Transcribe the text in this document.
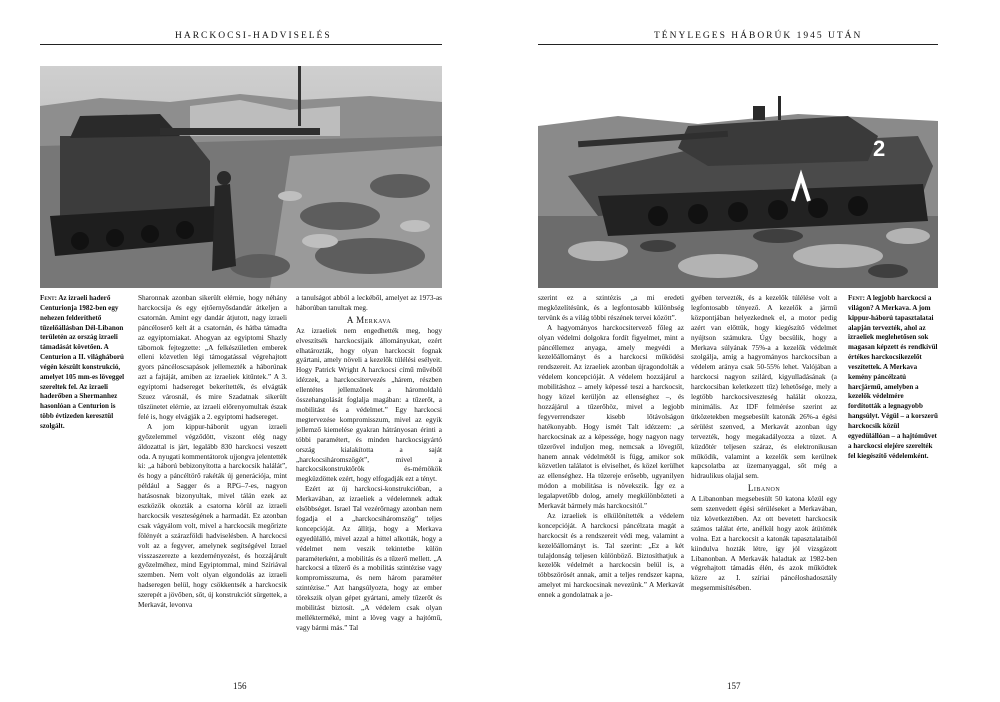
HARCKOCSI-HADVISELÉS
Fent: Az izraeli haderő Centurionja 1982-ben egy nehezen felderíthető tűzelőállásban Dél-Libanon területén az ország izraeli támadását követően. A Centurion a II. világháború végén készült konstrukció, amelyet 105 mm-es löveggel szereltek fel. Az izraeli haderőben a Shermanhez hasonlóan a Centurion is több évtizeden keresztül szolgált.

Sharonnak azonban sikerült elérnie, hogy néhány harckocsija és egy ejtőernyősdandár átkeljen a csatornán. Amint egy dandár átjutott, nagy izraeli páncéloserő kelt át a csatornán, és hátba támadta az egyiptomiakat. Ahogyan az egyiptomi Shazly tábornok fejtegzette: „A felkészületlen emberek elleni közvetlen légi támogatással végrehajtott gyors páncéloscsapások jellemezték a háborúnak azt a fajtáját, amiben az izraeliek kitűntek.” A 3. egyiptomi hadsereget bekerítették, és elvágták Szuez városnál, és mire Szadatnak sikerült tűszünetet elérnie, az izraeli előrenyomultak észak felé is, hogy elvágják a 2. egyiptomi hadsereget.

A jom kippur-háborút ugyan izraeli győzelemmel végződött, viszont elég nagy áldozattal is járt, legalább 830 harckocsi veszett oda. A nyugati kommentátorok ujjongva jelentették ki: „a háború bebizonyította a harckocsik halálát”, és hogy a páncéltörő rakéták új generációja, mint például a Sagger és a RPG–7-es, nagyon hatásosnak bizonyultak, mivel tálán ezek az eszközök okozták a csatorna körül az izraeli harckocsik veszteségének a harmadát. Ez azonban csak vágyálom volt, mivel a harckocsik megőrizte fölényét a szárazföldi hadviselésben. A harckocsi volt az a fegyver, amelynek segítségével Izrael visszaszerezte a kezdeményezést, és hozzájárult győzelméhez, mind Egyiptommal, mind Szíriával szemben. Nem volt olyan elgondolás az izraeli hadseregen belül, hogy csökkentsék a harckocsik szerepét a jövőben, sőt, új konstrukciót sürgettek, a Merkavát, levonva

a tanulságot abból a leckéből, amelyet az 1973-as háborúban tanultak meg.

A Merkava

Az izraeliek nem engedhették meg, hogy elveszítsék harckocsijaik állományukat, ezért elhatározták, hogy olyan harckocsit fognak gyártani, amely növeli a kezelők túlélési esélyeit. Hogy Patrick Wright A harckocsi című művéből idézzek, a harckocsitervezés „hárem, részben ellentétes jellemzőnek a háromoldalú összehangolását foglalja magában: a tűzerőt, a mobilitást és a védelmet.” Egy harckocsi megtervezése kompromisszum, mivel az egyik jellemző kiemelése gyakran hátrányosan érinti a többi paramétert, és minden harckocsigyártó ország kialakította a saját „harckocsiháromszögét”, mivel a harckocsikonstruktőrök és-mérnökök megküzdöttek ezért, hogy elfogadják ezt a tényt.

Ezért az új harckocsi-konstrukcióban, a Merkavában, az izraeliek a védelemnek adtak elsőbbséget. Israel Tal vezérőrnagy azonban nem fogadja el a „harckocsiháromszög” teljes koncepcióját. Az állítja, hogy a Merkava egyedülálló, mivel azzal a hittel alkották, hogy a védelmet nem veszik tekintetbe külön paraméterként, a mobilitás és a tűzerő mellett. „A harckocsi a tűzerő és a mobilitás szintézise vagy kompromisszuma, és nem három paraméter szintézise.” Azt hangsúlyozta, hogy az ember törekszik olyan gépet gyártani, amely tűzerőt és mobilitást biztosít. „A védelem csak olyan mellékterméké, mint a löveg vagy a hajtómű, vagy bármi más.” Tal

156
TÉNYLEGES HÁBORÚK 1945 UTÁN
2

szerint ez a szintézis „a mi eredeti megközelítésünk, és a legfontosabb különbség tervünk és a világ többi részének tervei között”.

A hagyományos harckocsitervező főleg az olyan védelmi dolgokra fordít figyelmet, mint a páncéllemez anyaga, amely megvédi a kezelőállományt és a harckocsi működési rendszereit. Az izraeliek azonban újragondolták a védelem koncepcióját. A védelem hozzájárul a mobilitáshoz – amely képessé teszi a harckocsit, hogy közel kerüljön az ellenséghez –, és hozzájárul a tűzerőhöz, mivel a legjobb fegyverrendszer kisebb lőtávolságon hatékonyabb. Hogy ismét Talt idézzem: „a harckocsinak az a képessége, hogy nagyon nagy tűzerővel induljon meg, nemcsak a lővegtől, hanem annak védelmétől is függ, amikor sok közvetlen találatot is elviselhet, és közel kerülhet az ellenséghez. Ha tűzereje erősebb, ugyanilyen módon a mobilitása is növekszik. Így ez a legalapvetőbb dolog, amely megkülönbözteti a Merkavát bármely más harckocsitól.”

Az izraeliek is elkülönítették a védelem koncepcióját. A harckocsi páncélzata magát a harckocsit és a rendszereit védi meg, valamint a kezelőállományt is. Tal szerint: „Ez a két tulajdonság teljesen különböző. Biztosíthatjuk a kezelők védelmét a harckocsin belül is, a többszörösét annak, amit a teljes rendszer kapna, amelyet mi harckocsinak nevezünk.” A Merkavát ennek a gondolatnak a je-

gyében tervezték, és a kezelők túlélése volt a legfontosabb tényező. A kezelők a jármű központjában helyezkednek el, a motor pedig azért van előttük, hogy kiegészítő védelmet nyújtson számukra. Úgy becsülik, hogy a Merkava súlyának 75%-a a kezelők védelmét szolgálja, amíg a hagyományos harckocsiban a védelem aránya csak 50-55% lehet. Valójában a harckocsi nagyon szilárd, kigyulladásának (a harckocsiban keletkezett tűz) lehetősége, mely a legtöbb harckocsiveszteség halálát okozza, minimális. Az IDF felmérése szerint az ütközetekben megsebesült katonák 26%-a égési sérülést szenved, a Merkavát azonban úgy tervezték, hogy megakadályozza a tüzet. A küzdőtér teljesen száraz, és elektronikusan működik, valamint a kezelők sem kerülnek kapcsolatba az üzemanyaggal, sőt még a hidraulikus olajjal sem.

Libanon

A Libanonban megsebesült 50 katona közül egy sem szenvedett égési sérüléseket a Merkavában, túz következtében. Az ott bevetett harckocsik számos találat érte, anélkül hogy azok átütötték volna. Ezt a harckocsit a katonák tapasztalataiból kiindulva hozták létre, így jól vizsgázott Libanonban. A Merkavák haladtak az 1982-ben végrehajtott támadás élén, és azok működtek közre az I. szíriai páncéloshadosztály megsemmisítésében.

Fent: A legjobb harckocsi a világon? A Merkava. A jom kippur-háború tapasztalatai alapján tervezték, ahol az izraeliek meglehetősen sok magasan képzett és rendkívül értékes harckocsikezelőt veszítettek. A Merkava kemény páncélzatú harcjármű, amelyben a kezelők védelmére fordították a legnagyobb hangsúlyt. Végül – a korszerű harckocsik közül egyedülállóan – a hajtóművet a harckocsi elejére szerelték fel kiegészítő védelemként.
157
